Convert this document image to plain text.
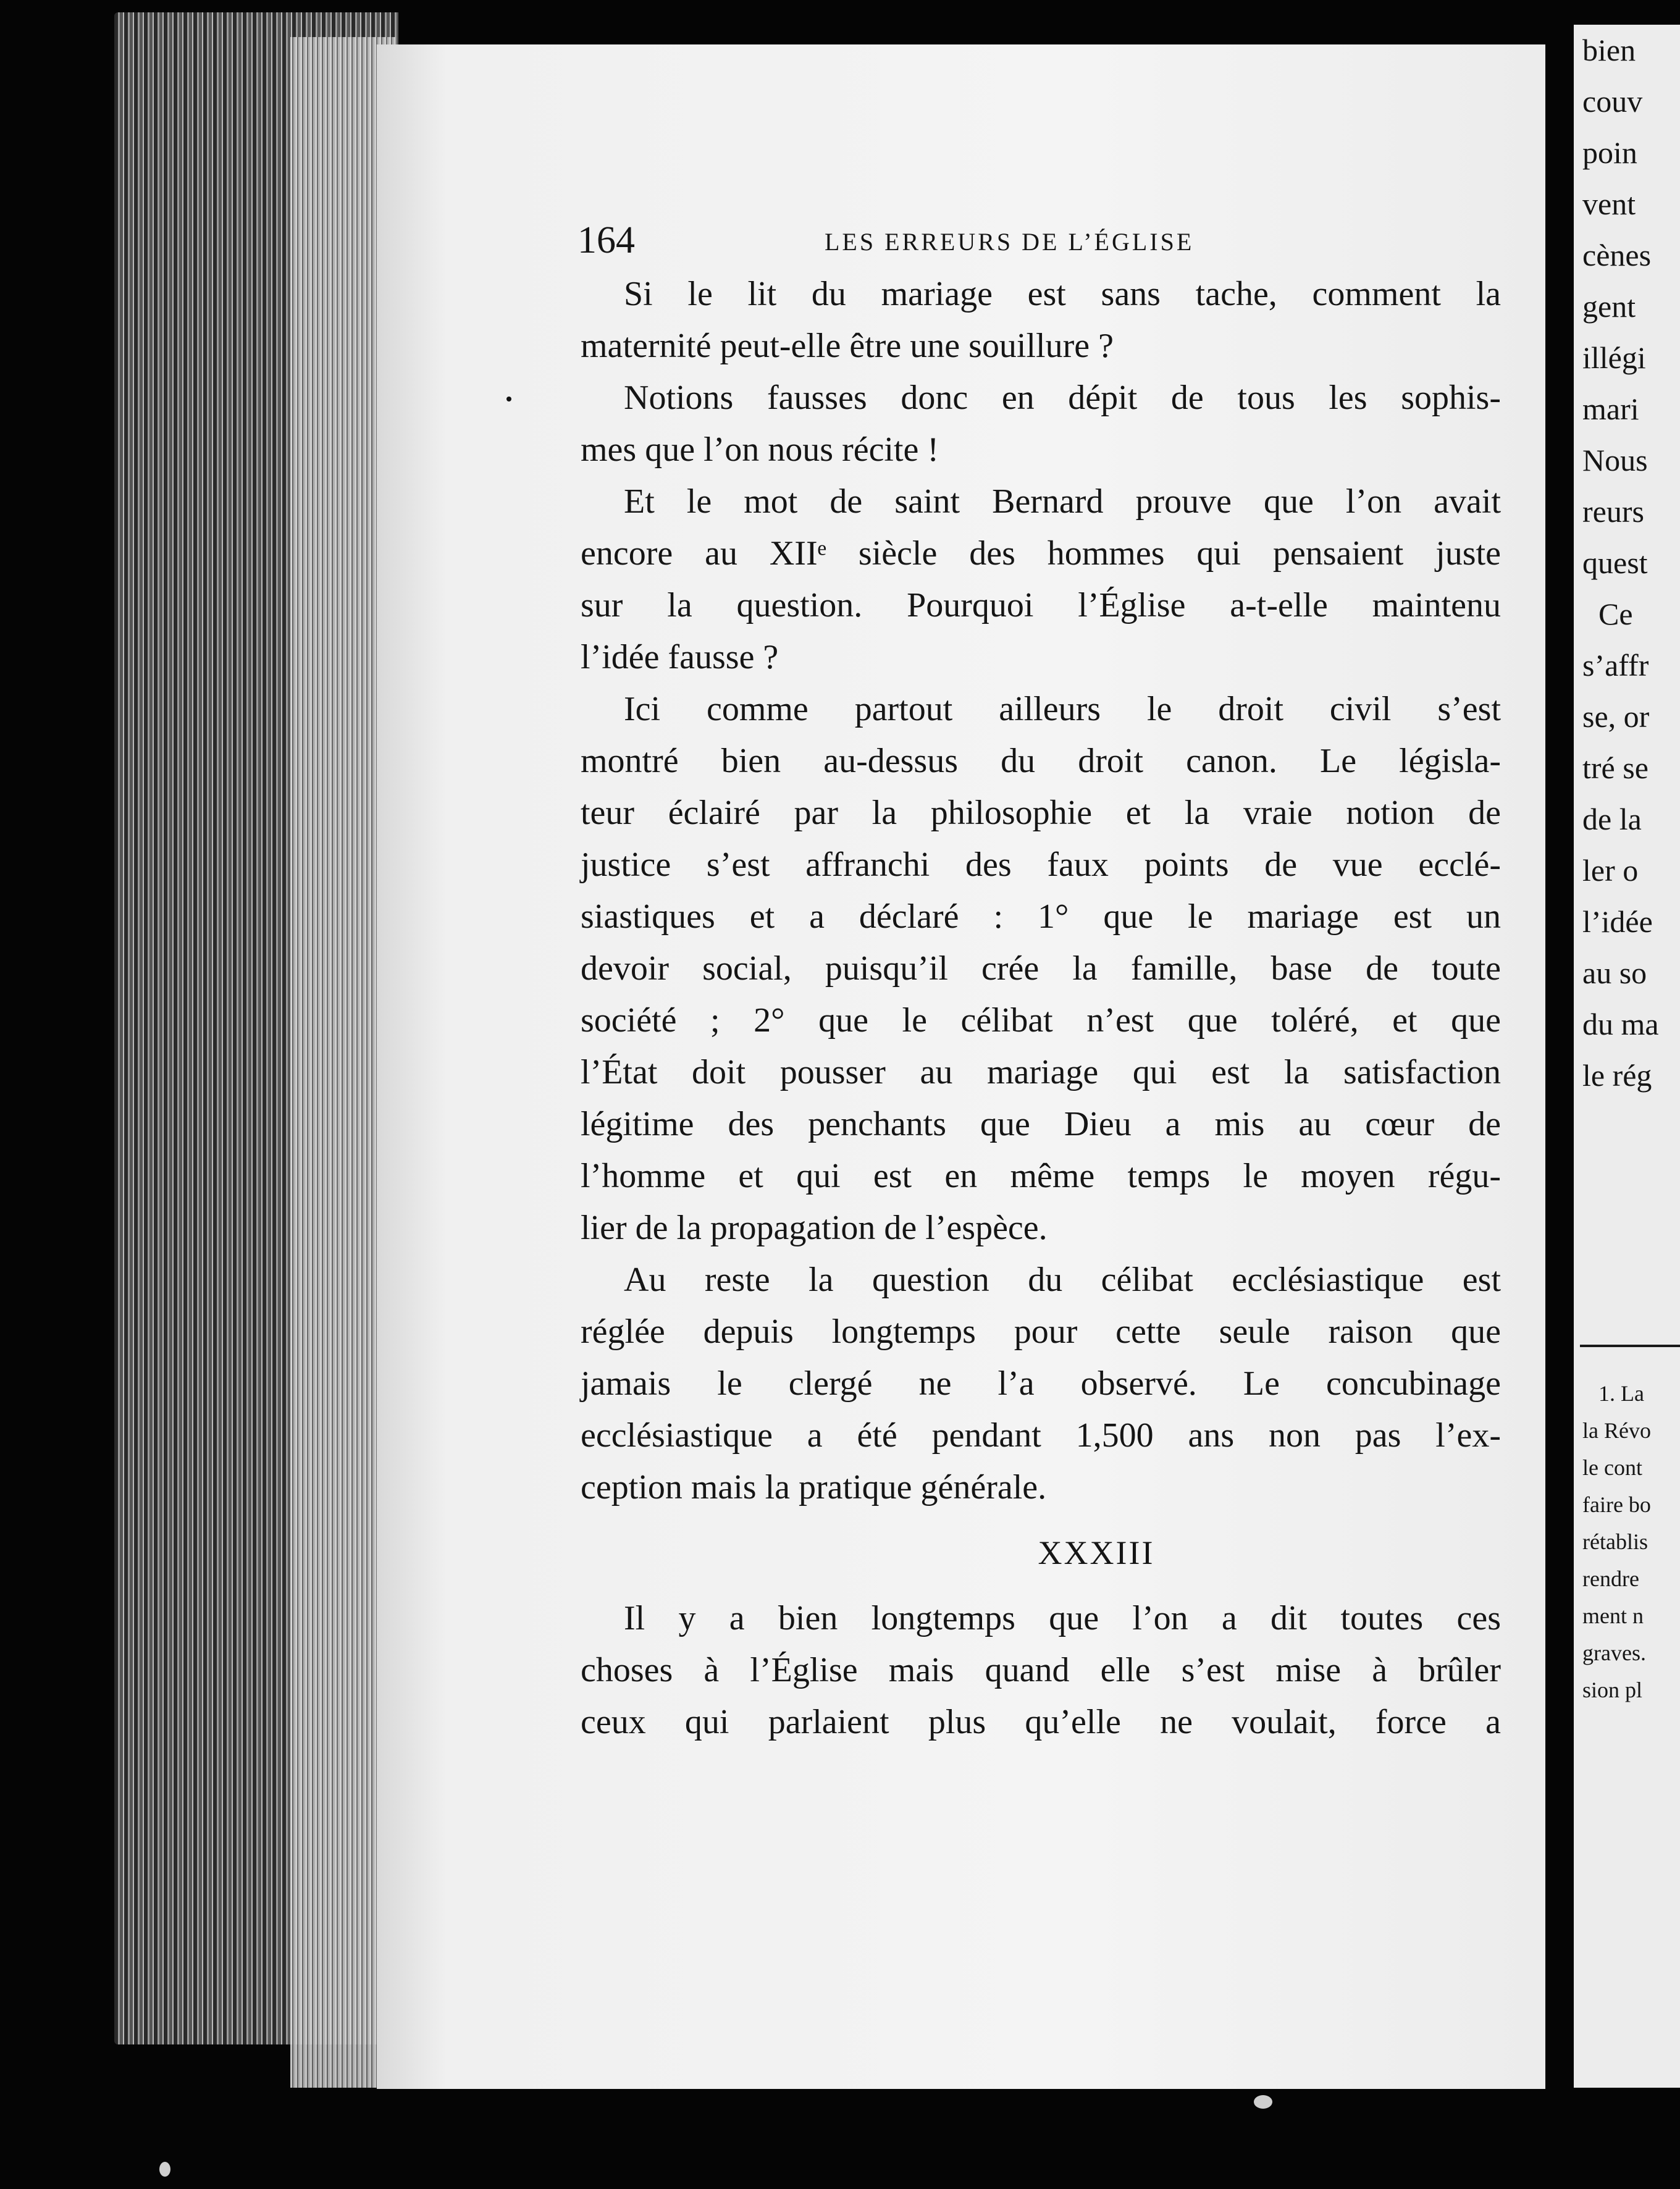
164	LES ERREURS DE L’ÉGLISE
Si le lit du mariage est sans tache, comment la
maternité peut-elle être une souillure ?
Notions fausses donc en dépit de tous les sophis-
mes que l’on nous récite !
Et le mot de saint Bernard prouve que l’on avait
encore au XIIᵉ siècle des hommes qui pensaient juste
sur la question. Pourquoi l’Église a-t-elle maintenu
l’idée fausse ?
Ici comme partout ailleurs le droit civil s’est
montré bien au-dessus du droit canon. Le législa-
teur éclairé par la philosophie et la vraie notion de
justice s’est affranchi des faux points de vue ecclé-
siastiques et a déclaré : 1° que le mariage est un
devoir social, puisqu’il crée la famille, base de toute
société ; 2° que le célibat n’est que toléré, et que
l’État doit pousser au mariage qui est la satisfaction
légitime des penchants que Dieu a mis au cœur de
l’homme et qui est en même temps le moyen régu-
lier de la propagation de l’espèce.
Au reste la question du célibat ecclésiastique est
réglée depuis longtemps pour cette seule raison que
jamais le clergé ne l’a observé. Le concubinage
ecclésiastique a été pendant 1,500 ans non pas l’ex-
ception mais la pratique générale.
XXXIII
Il y a bien longtemps que l’on a dit toutes ces
choses à l’Église mais quand elle s’est mise à brûler
ceux qui parlaient plus qu’elle ne voulait, force a
bien
couv
poin
vent
cènes
gent
illégi
mari
Nous
reurs
quest
Ce
s’affr
se, or
tré se
de la
ler o
l’idée
au so
du ma
le rég
1. La
la Révo
le cont
faire bo
rétablis
rendre
ment n
graves.
sion pl
